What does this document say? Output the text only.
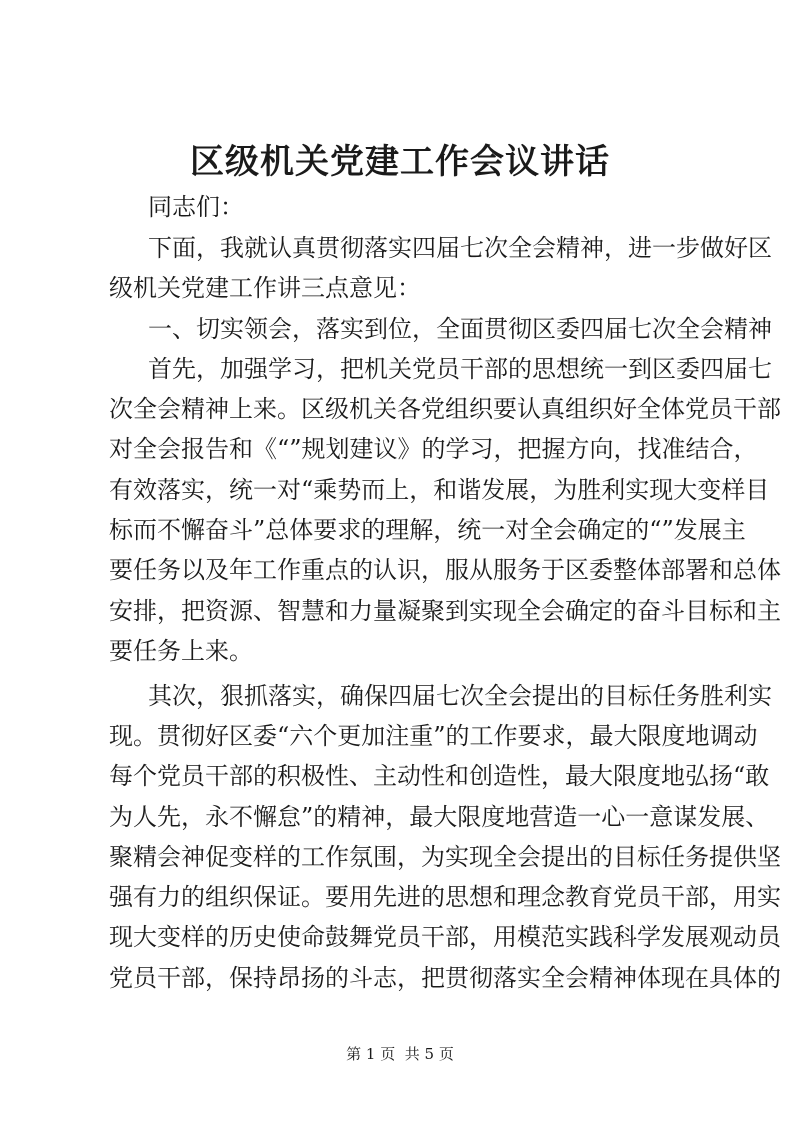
区级机关党建工作会议讲话
同志们：
下面，我就认真贯彻落实四届七次全会精神，进一步做好区
级机关党建工作讲三点意见：
一、切实领会，落实到位，全面贯彻区委四届七次全会精神
首先，加强学习，把机关党员干部的思想统一到区委四届七
次全会精神上来。区级机关各党组织要认真组织好全体党员干部
对全会报告和《“”规划建议》的学习，把握方向，找准结合，
有效落实，统一对“乘势而上，和谐发展，为胜利实现大变样目
标而不懈奋斗”总体要求的理解，统一对全会确定的“”发展主
要任务以及年工作重点的认识，服从服务于区委整体部署和总体
安排，把资源、智慧和力量凝聚到实现全会确定的奋斗目标和主
要任务上来。
其次，狠抓落实，确保四届七次全会提出的目标任务胜利实
现。贯彻好区委“六个更加注重”的工作要求，最大限度地调动
每个党员干部的积极性、主动性和创造性，最大限度地弘扬“敢
为人先，永不懈怠”的精神，最大限度地营造一心一意谋发展、
聚精会神促变样的工作氛围，为实现全会提出的目标任务提供坚
强有力的组织保证。要用先进的思想和理念教育党员干部，用实
现大变样的历史使命鼓舞党员干部，用模范实践科学发展观动员
党员干部，保持昂扬的斗志，把贯彻落实全会精神体现在具体的
第 1 页  共 5 页
